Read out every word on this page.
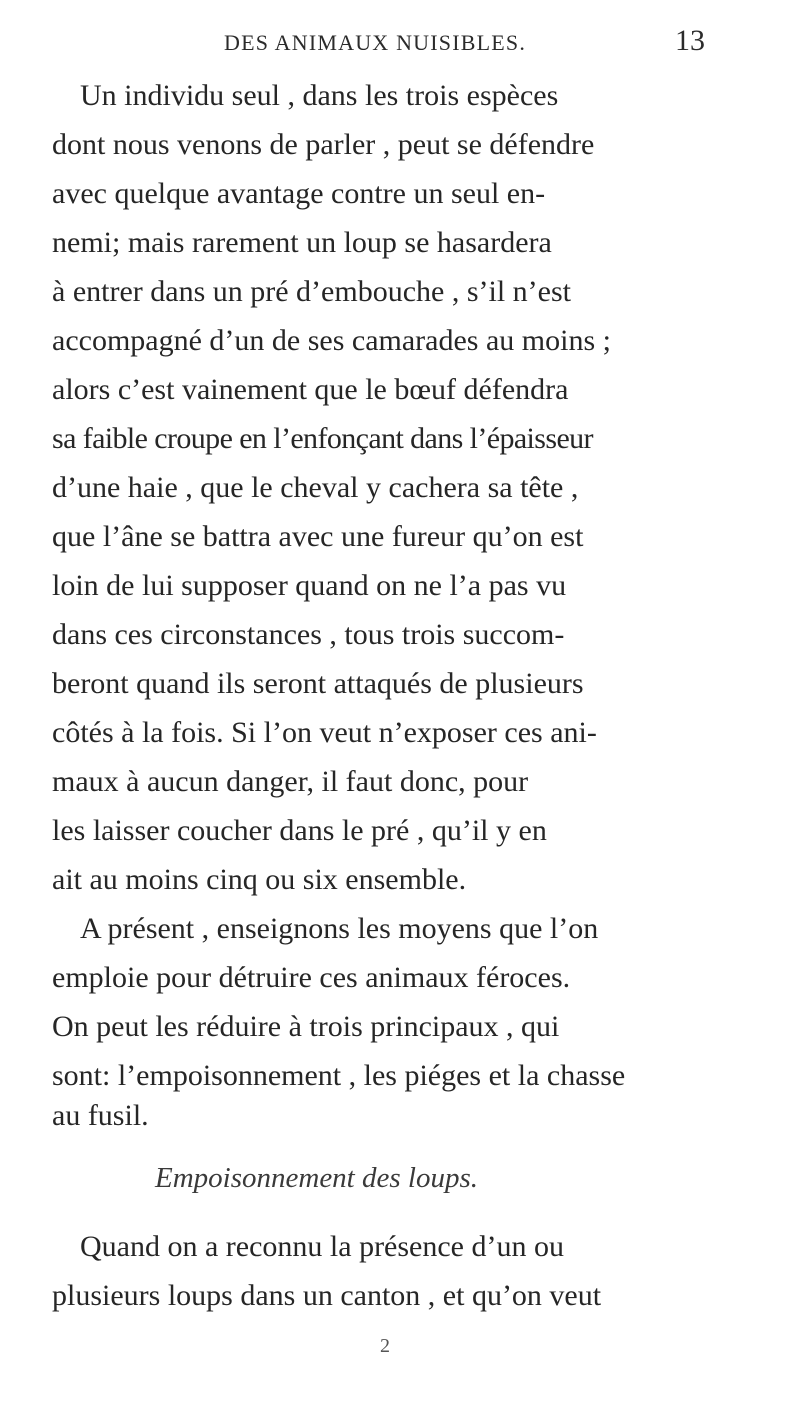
DES ANIMAUX NUISIBLES.	13
Un individu seul , dans les trois espèces
dont nous venons de parler , peut se défendre
avec quelque avantage contre un seul en-
nemi; mais rarement un loup se hasardera
à entrer dans un pré d’embouche , s’il n’est
accompagné d’un de ses camarades au moins ;
alors c’est vainement que le bœuf défendra
sa faible croupe en l’enfonçant dans l’épaisseur
d’une haie , que le cheval y cachera sa tête ,
que l’âne se battra avec une fureur qu’on est
loin de lui supposer quand on ne l’a pas vu
dans ces circonstances , tous trois succom-
beront quand ils seront attaqués de plusieurs
côtés à la fois. Si l’on veut n’exposer ces ani-
maux à aucun danger, il faut donc, pour
les laisser coucher dans le pré , qu’il y en
ait au moins cinq ou six ensemble.
A présent , enseignons les moyens que l’on
emploie pour détruire ces animaux féroces.
On peut les réduire à trois principaux , qui
sont: l’empoisonnement , les piéges et la chasse
au fusil.
Empoisonnement des loups.
Quand on a reconnu la présence d’un ou
plusieurs loups dans un canton , et qu’on veut
2
